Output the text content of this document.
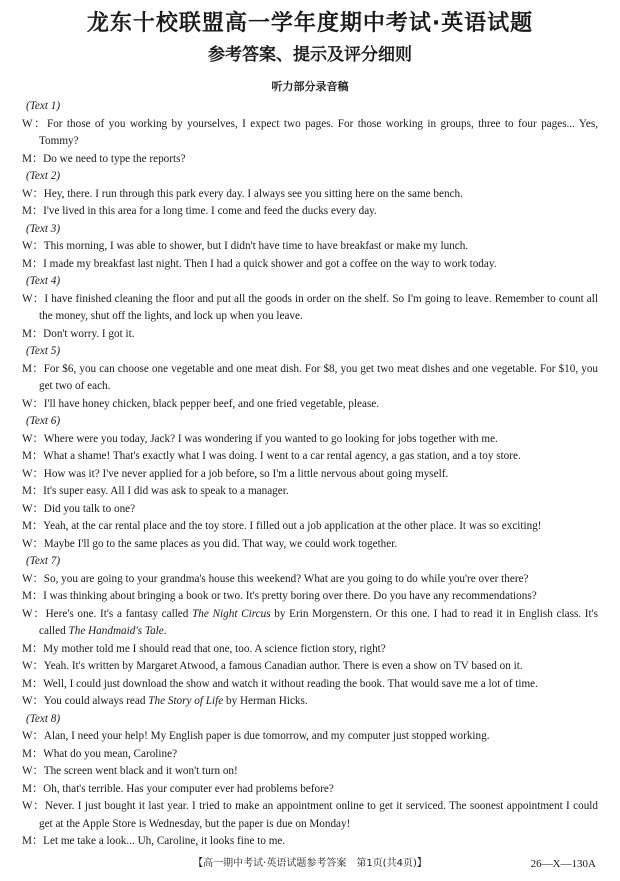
龙东十校联盟高一学年度期中考试·英语试题
参考答案、提示及评分细则
听力部分录音稿
(Text 1)
W：For those of you working by yourselves, I expect two pages. For those working in groups, three to four pages... Yes, Tommy?
M：Do we need to type the reports?
(Text 2)
W：Hey, there. I run through this park every day. I always see you sitting here on the same bench.
M：I've lived in this area for a long time. I come and feed the ducks every day.
(Text 3)
W：This morning, I was able to shower, but I didn't have time to have breakfast or make my lunch.
M：I made my breakfast last night. Then I had a quick shower and got a coffee on the way to work today.
(Text 4)
W：I have finished cleaning the floor and put all the goods in order on the shelf. So I'm going to leave. Remember to count all the money, shut off the lights, and lock up when you leave.
M：Don't worry. I got it.
(Text 5)
M：For $6, you can choose one vegetable and one meat dish. For $8, you get two meat dishes and one vegetable. For $10, you get two of each.
W：I'll have honey chicken, black pepper beef, and one fried vegetable, please.
(Text 6)
W：Where were you today, Jack? I was wondering if you wanted to go looking for jobs together with me.
M：What a shame! That's exactly what I was doing. I went to a car rental agency, a gas station, and a toy store.
W：How was it? I've never applied for a job before, so I'm a little nervous about going myself.
M：It's super easy. All I did was ask to speak to a manager.
W：Did you talk to one?
M：Yeah, at the car rental place and the toy store. I filled out a job application at the other place. It was so exciting!
W：Maybe I'll go to the same places as you did. That way, we could work together.
(Text 7)
W：So, you are going to your grandma's house this weekend? What are you going to do while you're over there?
M：I was thinking about bringing a book or two. It's pretty boring over there. Do you have any recommendations?
W：Here's one. It's a fantasy called The Night Circus by Erin Morgenstern. Or this one. I had to read it in English class. It's called The Handmaid's Tale.
M：My mother told me I should read that one, too. A science fiction story, right?
W：Yeah. It's written by Margaret Atwood, a famous Canadian author. There is even a show on TV based on it.
M：Well, I could just download the show and watch it without reading the book. That would save me a lot of time.
W：You could always read The Story of Life by Herman Hicks.
(Text 8)
W：Alan, I need your help! My English paper is due tomorrow, and my computer just stopped working.
M：What do you mean, Caroline?
W：The screen went black and it won't turn on!
M：Oh, that's terrible. Has your computer ever had problems before?
W：Never. I just bought it last year. I tried to make an appointment online to get it serviced. The soonest appointment I could get at the Apple Store is Wednesday, but the paper is due on Monday!
M：Let me take a look... Uh, Caroline, it looks fine to me.
【高一期中考试·英语试题参考答案　第1页(共4页)】	26—X—130A
